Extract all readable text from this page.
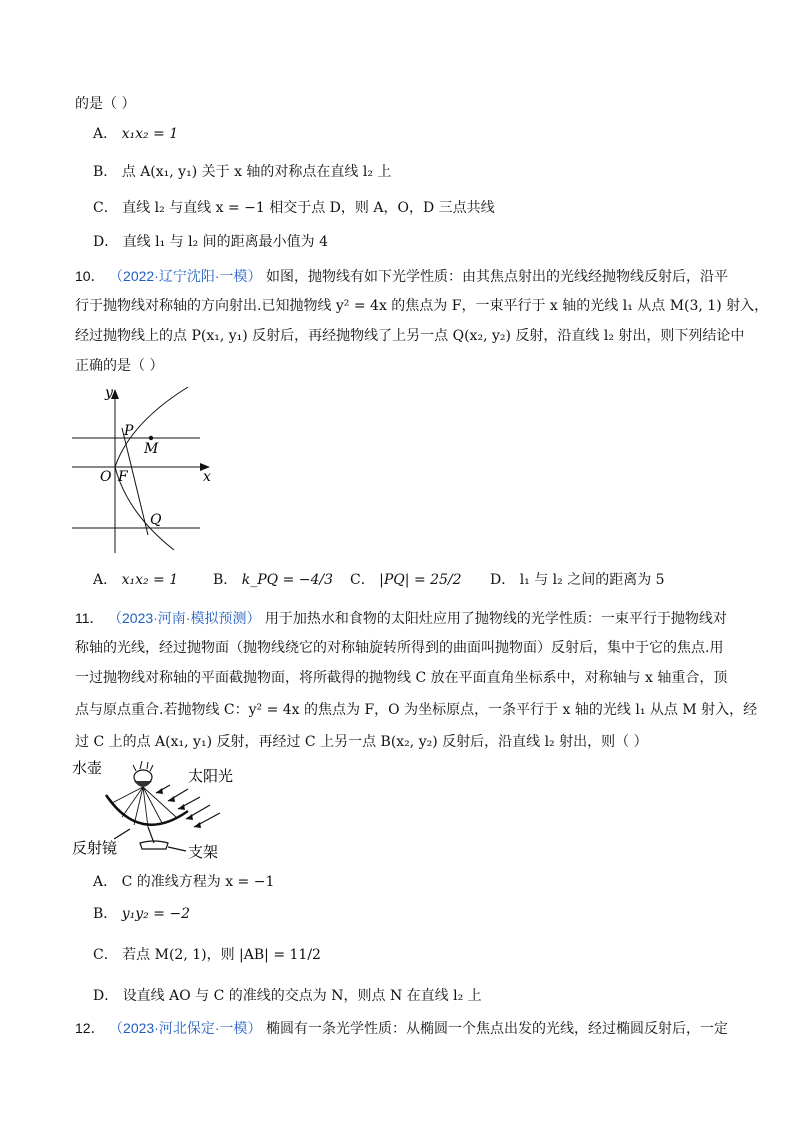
的是（ ）
A． x₁x₂ = 1
B． 点 A(x₁, y₁) 关于 x 轴的对称点在直线 l₂ 上
C． 直线 l₂ 与直线 x = −1 相交于点 D，则 A，O，D 三点共线
D． 直线 l₁ 与 l₂ 间的距离最小值为 4
10． （2022·辽宁沈阳·一模） 如图，抛物线有如下光学性质：由其焦点射出的光线经抛物线反射后，沿平
行于抛物线对称轴的方向射出.已知抛物线 y² = 4x 的焦点为 F，一束平行于 x 轴的光线 l₁ 从点 M(3, 1) 射入，
经过抛物线上的点 P(x₁, y₁) 反射后，再经抛物线了上另一点 Q(x₂, y₂) 反射，沿直线 l₂ 射出，则下列结论中
正确的是（ ）
y
x
P
M
O F
Q
A． x₁x₂ = 1 B． k_PQ = −4/3 C． |PQ| = 25/2 D． l₁ 与 l₂ 之间的距离为 5
11． （2023·河南·模拟预测） 用于加热水和食物的太阳灶应用了抛物线的光学性质：一束平行于抛物线对
称轴的光线，经过抛物面（抛物线绕它的对称轴旋转所得到的曲面叫抛物面）反射后，集中于它的焦点.用
一过抛物线对称轴的平面截抛物面，将所截得的抛物线 C 放在平面直角坐标系中，对称轴与 x 轴重合，顶
点与原点重合.若抛物线 C：y² = 4x 的焦点为 F，O 为坐标原点，一条平行于 x 轴的光线 l₁ 从点 M 射入，经
过 C 上的点 A(x₁, y₁) 反射，再经过 C 上另一点 B(x₂, y₂) 反射后，沿直线 l₂ 射出，则（ ）
水壶	太阳光
反射镜	支架
A． C 的准线方程为 x = −1
B． y₁y₂ = −2
C． 若点 M(2, 1)，则 |AB| = 11/2
D． 设直线 AO 与 C 的准线的交点为 N，则点 N 在直线 l₂ 上
12． （2023·河北保定·一模） 椭圆有一条光学性质：从椭圆一个焦点出发的光线，经过椭圆反射后，一定
